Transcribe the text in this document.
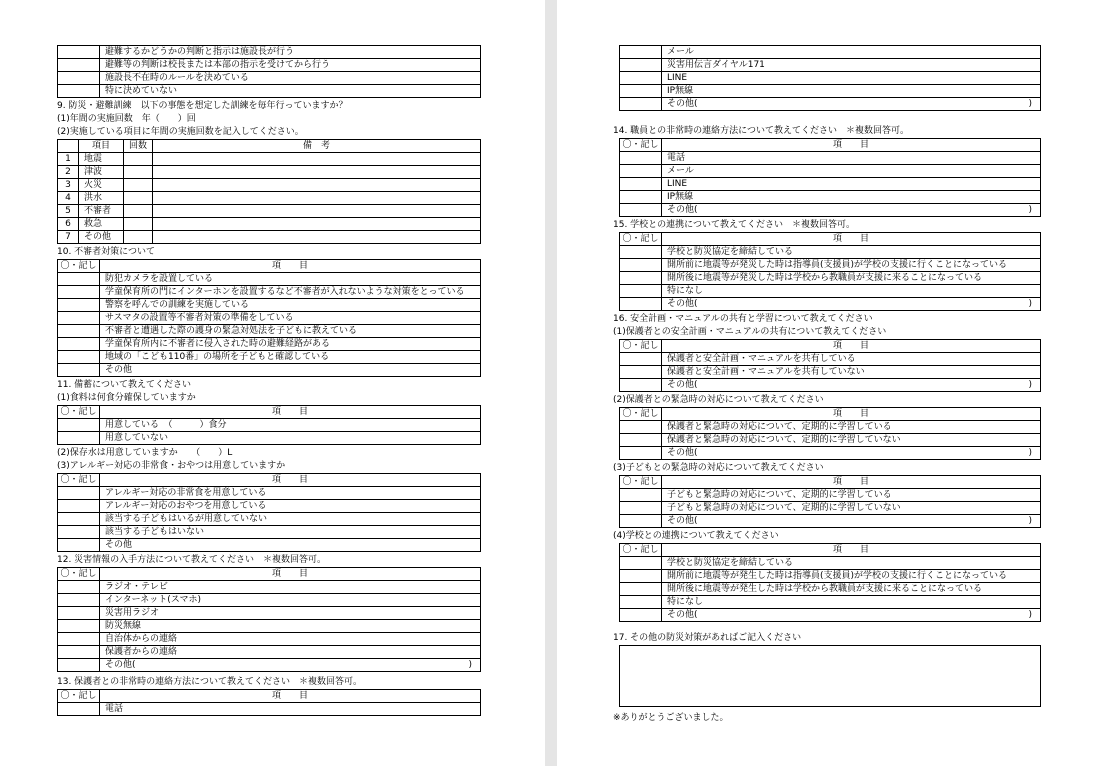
	避難するかどうかの判断と指示は施設長が行う

	避難等の判断は校長または本部の指示を受けてから行う

	施設長不在時のルールを決めている

	特に決めていない

9. 防災・避難訓練　以下の事態を想定した訓練を毎年行っていますか？

(1)年間の実施回数　年（　　）回

(2)実施している項目に年間の実施回数を記入してください。

	項目	回数	備　考
1	地震		
2	津波		
3	火災		
4	洪水		
5	不審者		
6	救急		
7	その他		

10. 不審者対策について

〇・記し	項　　目
	防犯カメラを設置している

	学童保育所の門にインターホンを設置するなど不審者が入れないような対策をとっている

	警察を呼んでの訓練を実施している

	サスマタの設置等不審者対策の準備をしている

	不審者と遭遇した際の護身の緊急対処法を子どもに教えている

	学童保育所内に不審者に侵入された時の避難経路がある

	地域の「こども110番」の場所を子どもと確認している

	その他

11. 備蓄について教えてください

(1)食料は何食分確保していますか

〇・記し	項　　目
	用意している　（　　　）食分

	用意していない

(2)保存水は用意していますか　　（　　）L

(3)アレルギー対応の非常食・おやつは用意していますか

〇・記し	項　　目
	アレルギー対応の非常食を用意している

	アレルギー対応のおやつを用意している

	該当する子どもはいるが用意していない

	該当する子どもはいない

	その他

12. 災害情報の入手方法について教えてください　＊複数回答可。

〇・記し	項　　目
	ラジオ・テレビ

	インターネット(スマホ)

	災害用ラジオ

	防災無線

	自治体からの連絡

	保護者からの連絡

	その他( )

13. 保護者との非常時の連絡方法について教えてください　＊複数回答可。

〇・記し	項　　目
	電話
	メール

	災害用伝言ダイヤル171

	LINE

	IP無線

	その他( )

14. 職員との非常時の連絡方法について教えてください　＊複数回答可。

〇・記し	項　　目
	電話

	メール

	LINE

	IP無線

	その他( )

15. 学校との連携について教えてください　＊複数回答可。

〇・記し	項　　目
	学校と防災協定を締結している

	開所前に地震等が発災した時は指導員(支援員)が学校の支援に行くことになっている

	開所後に地震等が発災した時は学校から教職員が支援に来ることになっている

	特になし

	その他( )

16. 安全計画・マニュアルの共有と学習について教えてください

(1)保護者との安全計画・マニュアルの共有について教えてください

〇・記し	項　　目
	保護者と安全計画・マニュアルを共有している

	保護者と安全計画・マニュアルを共有していない

	その他( )

(2)保護者との緊急時の対応について教えてください

〇・記し	項　　目
	保護者と緊急時の対応について、定期的に学習している

	保護者と緊急時の対応について、定期的に学習していない

	その他( )

(3)子どもとの緊急時の対応について教えてください

〇・記し	項　　目
	子どもと緊急時の対応について、定期的に学習している

	子どもと緊急時の対応について、定期的に学習していない

	その他( )

(4)学校との連携について教えてください

〇・記し	項　　目
	学校と防災協定を締結している

	開所前に地震等が発生した時は指導員(支援員)が学校の支援に行くことになっている

	開所後に地震等が発生した時は学校から教職員が支援に来ることになっている

	特になし

	その他( )

17. その他の防災対策があればご記入ください

※ありがとうございました。
